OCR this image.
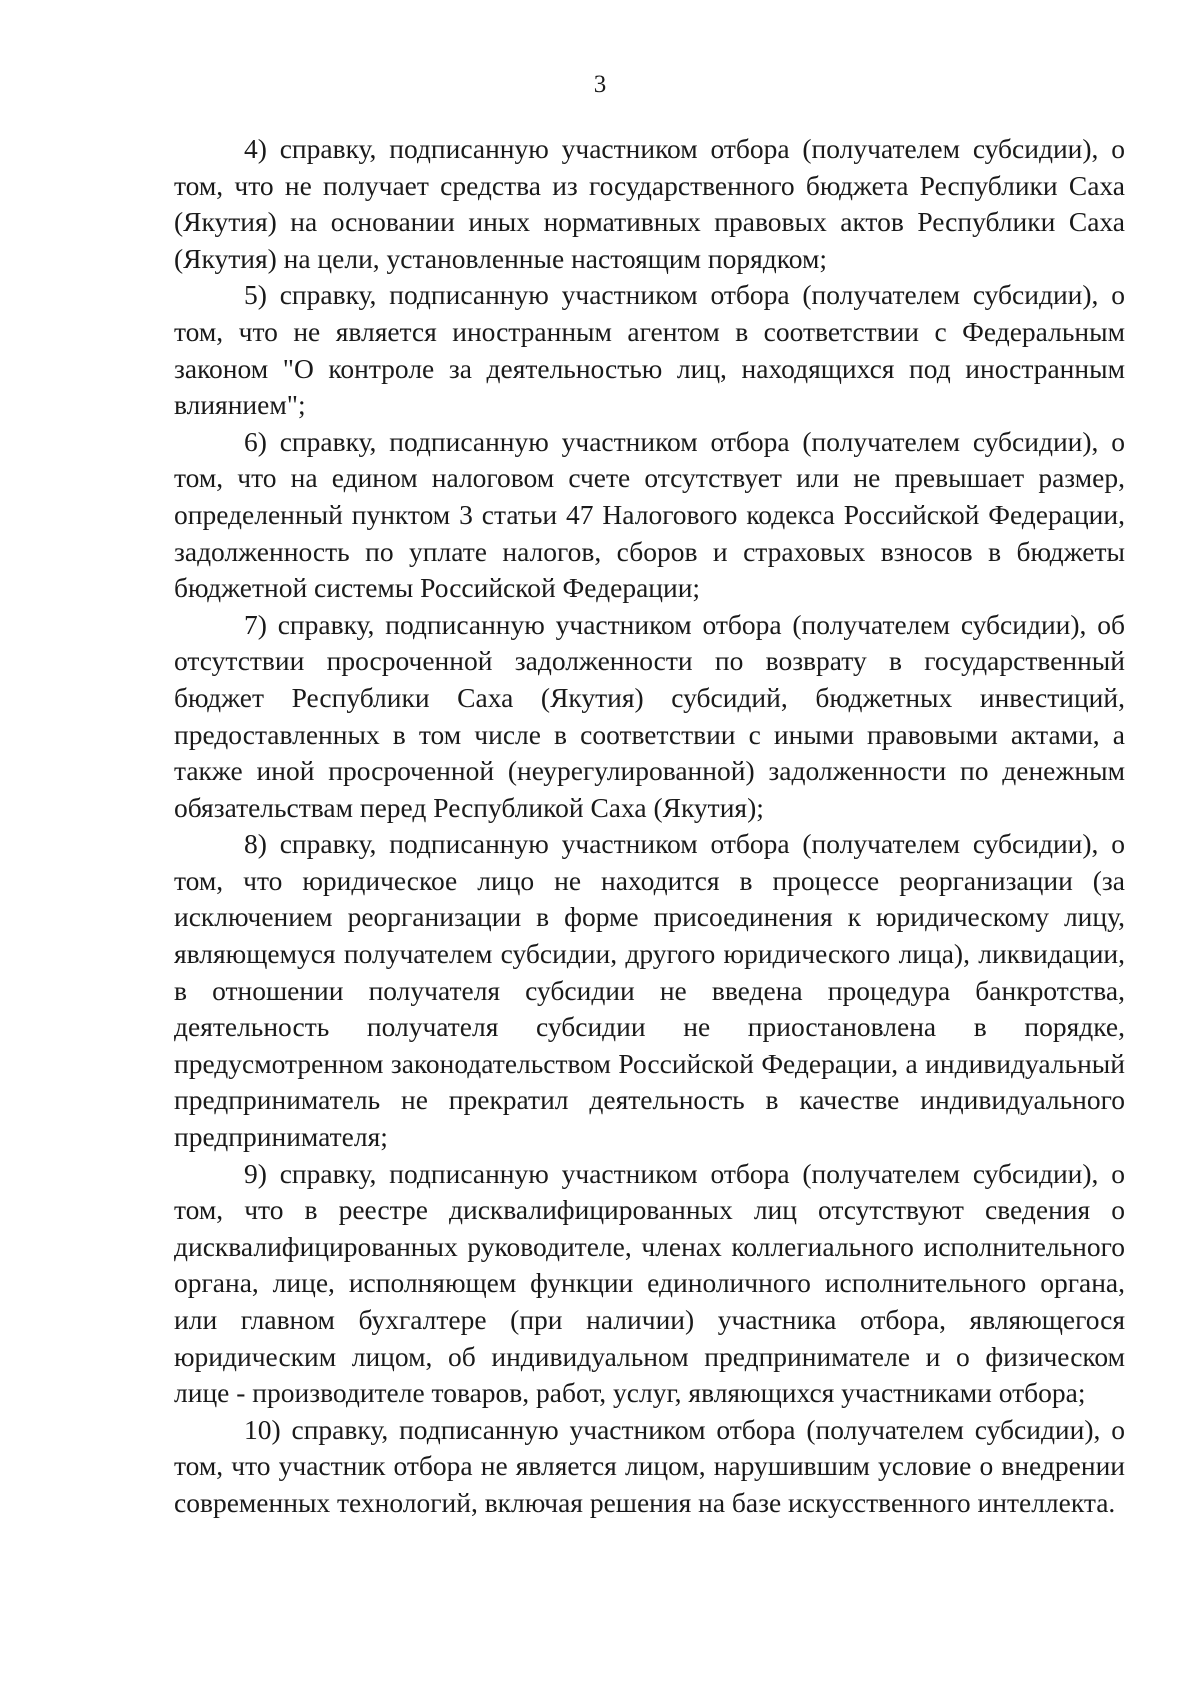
3

4) справку, подписанную участником отбора (получателем субсидии), о том, что не получает средства из государственного бюджета Республики Саха (Якутия) на основании иных нормативных правовых актов Республики Саха (Якутия) на цели, установленные настоящим порядком;

5) справку, подписанную участником отбора (получателем субсидии), о том, что не является иностранным агентом в соответствии с Федеральным законом "О контроле за деятельностью лиц, находящихся под иностранным влиянием";

6) справку, подписанную участником отбора (получателем субсидии), о том, что на едином налоговом счете отсутствует или не превышает размер, определенный пунктом 3 статьи 47 Налогового кодекса Российской Федерации, задолженность по уплате налогов, сборов и страховых взносов в бюджеты бюджетной системы Российской Федерации;

7) справку, подписанную участником отбора (получателем субсидии), об отсутствии просроченной задолженности по возврату в государственный бюджет Республики Саха (Якутия) субсидий, бюджетных инвестиций, предоставленных в том числе в соответствии с иными правовыми актами, а также иной просроченной (неурегулированной) задолженности по денежным обязательствам перед Республикой Саха (Якутия);

8) справку, подписанную участником отбора (получателем субсидии), о том, что юридическое лицо не находится в процессе реорганизации (за исключением реорганизации в форме присоединения к юридическому лицу, являющемуся получателем субсидии, другого юридического лица), ликвидации, в отношении получателя субсидии не введена процедура банкротства, деятельность получателя субсидии не приостановлена в порядке, предусмотренном законодательством Российской Федерации, а индивидуальный предприниматель не прекратил деятельность в качестве индивидуального предпринимателя;

9) справку, подписанную участником отбора (получателем субсидии), о том, что в реестре дисквалифицированных лиц отсутствуют сведения о дисквалифицированных руководителе, членах коллегиального исполнительного органа, лице, исполняющем функции единоличного исполнительного органа, или главном бухгалтере (при наличии) участника отбора, являющегося юридическим лицом, об индивидуальном предпринимателе и о физическом лице - производителе товаров, работ, услуг, являющихся участниками отбора;

10) справку, подписанную участником отбора (получателем субсидии), о том, что участник отбора не является лицом, нарушившим условие о внедрении современных технологий, включая решения на базе искусственного интеллекта.
